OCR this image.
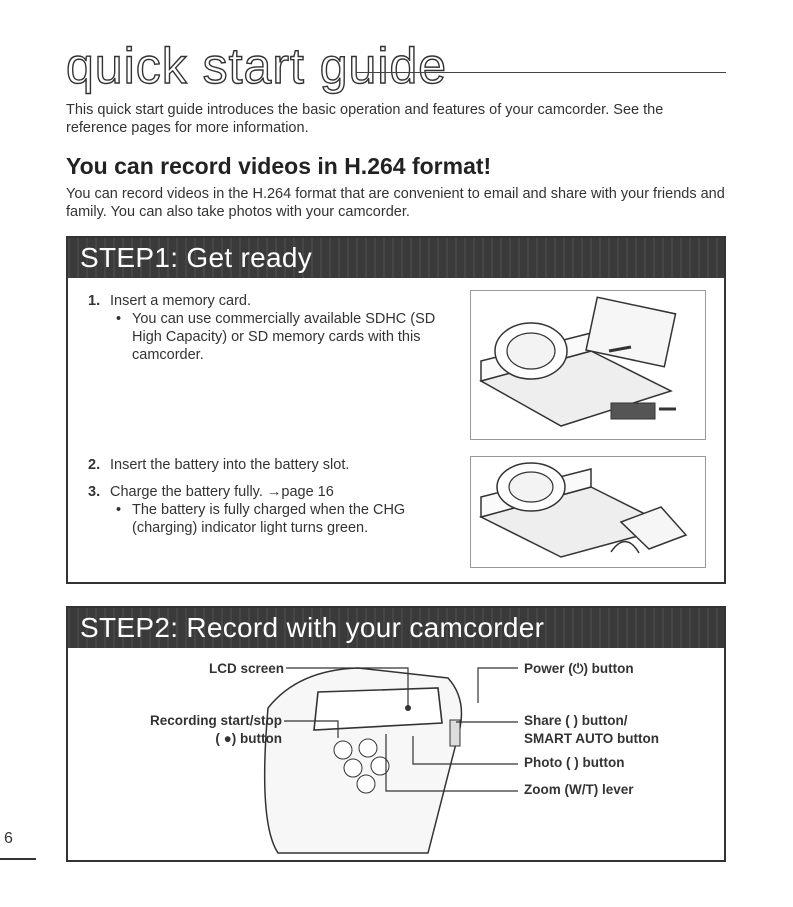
quick start guide
This quick start guide introduces the basic operation and features of your camcorder. See the reference pages for more information.
You can record videos in H.264 format!
You can record videos in the H.264 format that are convenient to email and share with your friends and family. You can also take photos with your camcorder.
STEP1: Get ready
1. Insert a memory card.
• You can use commercially available SDHC (SD High Capacity) or SD memory cards with this camcorder.
2. Insert the battery into the battery slot.
3. Charge the battery fully. →page 16
• The battery is fully charged when the CHG (charging) indicator light turns green.
STEP2: Record with your camcorder
LCD screen
Recording start/stop
( ●) button
Power (⏻) button
Share ( ) button/
SMART AUTO button
Photo ( ) button
Zoom (W/T) lever
6
